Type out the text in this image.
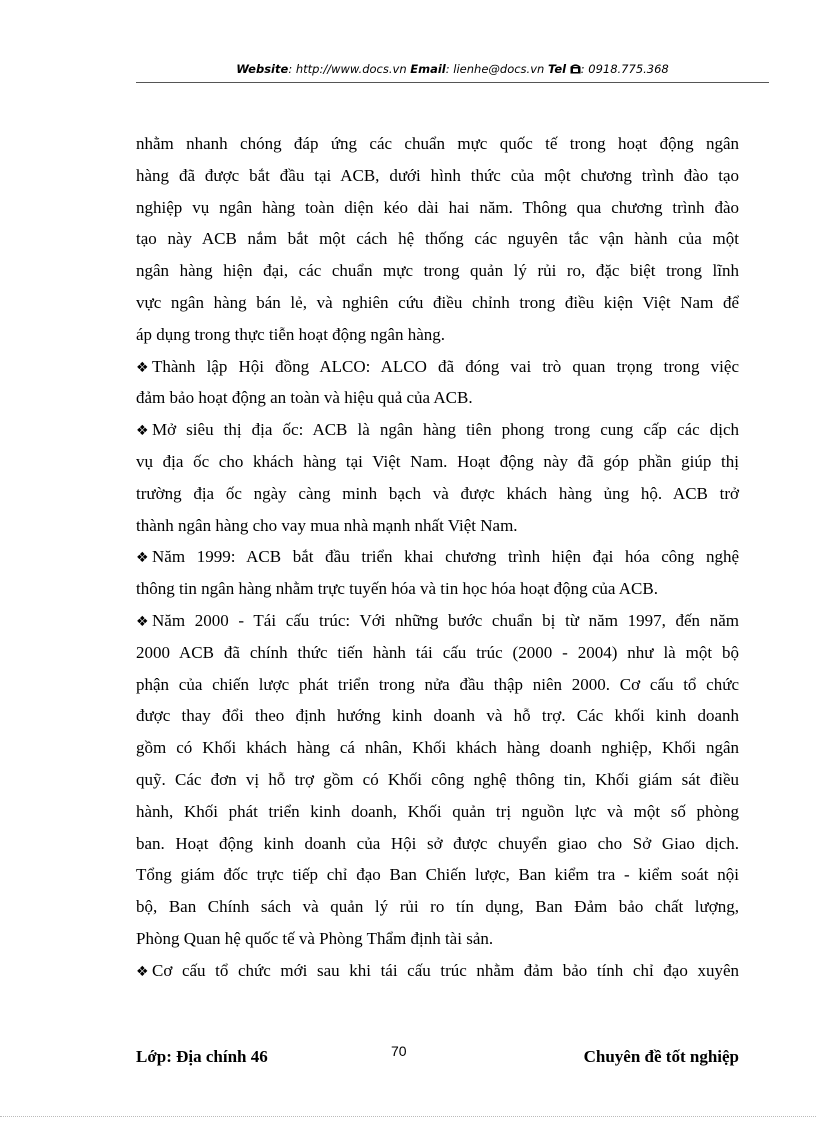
Website: http://www.docs.vn Email: lienhe@docs.vn Tel : 0918.775.368
nhằm nhanh chóng đáp ứng các chuẩn mực quốc tế trong hoạt động ngân
hàng đã được bắt đầu tại ACB, dưới hình thức của một chương trình đào tạo
nghiệp vụ ngân hàng toàn diện kéo dài hai năm. Thông qua chương trình đào
tạo này ACB nắm bắt một cách hệ thống các nguyên tắc vận hành của một
ngân hàng hiện đại, các chuẩn mực trong quản lý rủi ro, đặc biệt trong lĩnh
vực ngân hàng bán lẻ, và nghiên cứu điều chỉnh trong điều kiện Việt Nam để
áp dụng trong thực tiễn hoạt động ngân hàng.
❖ Thành lập Hội đồng ALCO: ALCO đã đóng vai trò quan trọng trong việc
đảm bảo hoạt động an toàn và hiệu quả của ACB.
❖ Mở siêu thị địa ốc: ACB là ngân hàng tiên phong trong cung cấp các dịch
vụ địa ốc cho khách hàng tại Việt Nam. Hoạt động này đã góp phần giúp thị
trường địa ốc ngày càng minh bạch và được khách hàng ủng hộ. ACB trở
thành ngân hàng cho vay mua nhà mạnh nhất Việt Nam.
❖ Năm 1999: ACB bắt đầu triển khai chương trình hiện đại hóa công nghệ
thông tin ngân hàng nhằm trực tuyến hóa và tin học hóa hoạt động của ACB.
❖ Năm 2000 - Tái cấu trúc: Với những bước chuẩn bị từ năm 1997, đến năm
2000 ACB đã chính thức tiến hành tái cấu trúc (2000 - 2004) như là một bộ
phận của chiến lược phát triển trong nửa đầu thập niên 2000. Cơ cấu tổ chức
được thay đổi theo định hướng kinh doanh và hỗ trợ. Các khối kinh doanh
gồm có Khối khách hàng cá nhân, Khối khách hàng doanh nghiệp, Khối ngân
quỹ. Các đơn vị hỗ trợ gồm có Khối công nghệ thông tin, Khối giám sát điều
hành, Khối phát triển kinh doanh, Khối quản trị nguồn lực và một số phòng
ban. Hoạt động kinh doanh của Hội sở được chuyển giao cho Sở Giao dịch.
Tổng giám đốc trực tiếp chỉ đạo Ban Chiến lược, Ban kiểm tra - kiểm soát nội
bộ, Ban Chính sách và quản lý rủi ro tín dụng, Ban Đảm bảo chất lượng,
Phòng Quan hệ quốc tế và Phòng Thẩm định tài sản.
❖ Cơ cấu tổ chức mới sau khi tái cấu trúc nhằm đảm bảo tính chỉ đạo xuyên
Lớp: Địa chính 46	70	Chuyên đề tốt nghiệp
